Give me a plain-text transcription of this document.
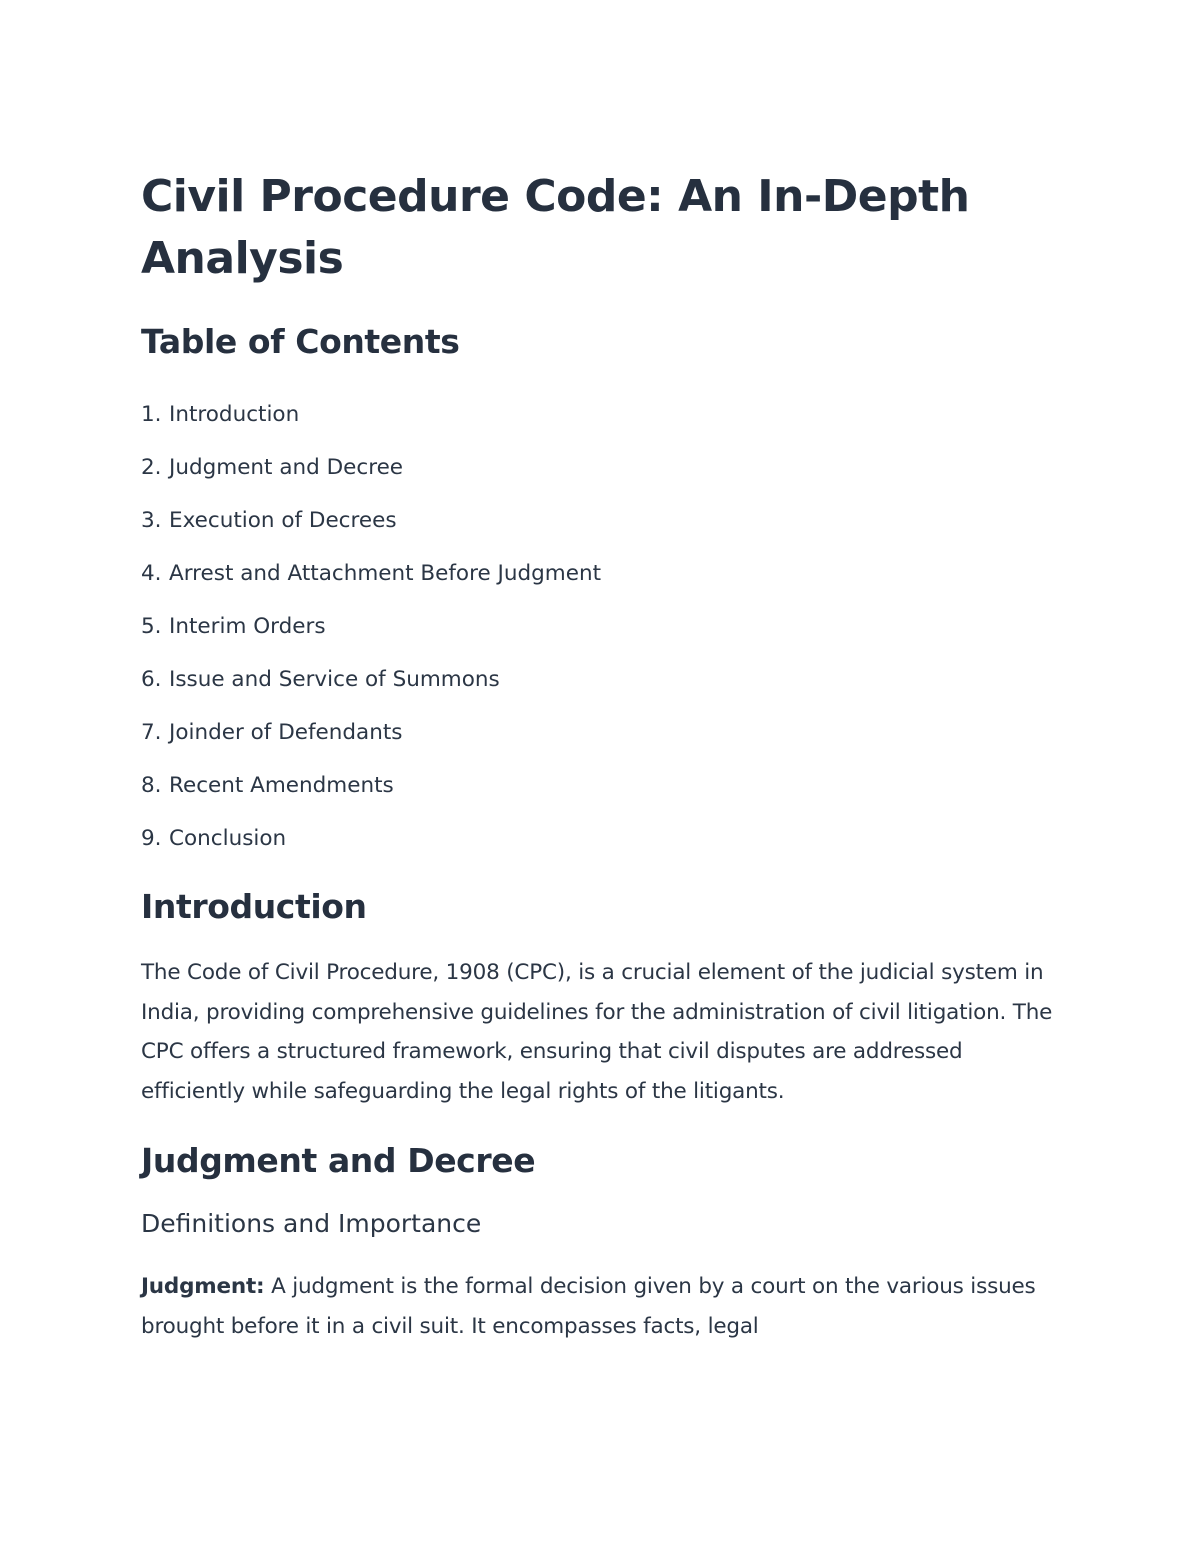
Civil Procedure Code: An In-Depth Analysis
Table of Contents
1. Introduction
2. Judgment and Decree
3. Execution of Decrees
4. Arrest and Attachment Before Judgment
5. Interim Orders
6. Issue and Service of Summons
7. Joinder of Defendants
8. Recent Amendments
9. Conclusion
Introduction

The Code of Civil Procedure, 1908 (CPC), is a crucial element of the judicial system in India, providing comprehensive guidelines for the administration of civil litigation. The CPC offers a structured framework, ensuring that civil disputes are addressed efficiently while safeguarding the legal rights of the litigants.

Judgment and Decree
Definitions and Importance

Judgment: A judgment is the formal decision given by a court on the various issues brought before it in a civil suit. It encompasses facts, legal
